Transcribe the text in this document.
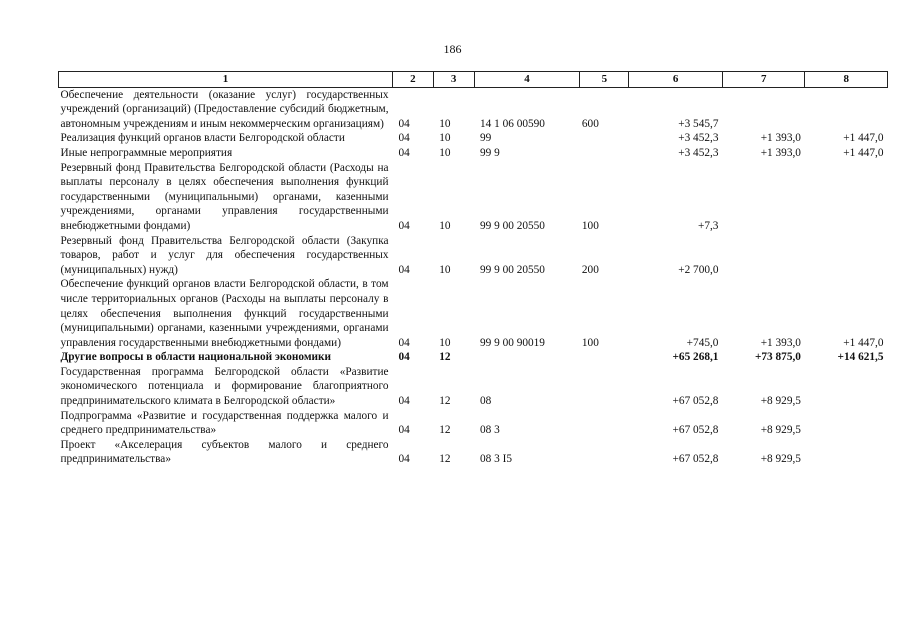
186
1	2	3	4	5	6	7	8
Обеспечение деятельности (оказание услуг) государственных учреждений (организаций) (Предоставление субсидий бюджетным, автономным учреждениям и иным некоммерческим организациям)	04	10	14 1 06 00590	600	+3 545,7		
Реализация функций органов власти Белгородской области	04	10	99		+3 452,3	+1 393,0	+1 447,0
Иные непрограммные мероприятия	04	10	99 9		+3 452,3	+1 393,0	+1 447,0
Резервный фонд Правительства Белгородской области (Расходы на выплаты персоналу в целях обеспечения выполнения функций государственными (муниципальными) органами, казенными учреждениями, органами управления государственными внебюджетными фондами)	04	10	99 9 00 20550	100	+7,3		
Резервный фонд Правительства Белгородской области (Закупка товаров, работ и услуг для обеспечения государственных (муниципальных) нужд)	04	10	99 9 00 20550	200	+2 700,0		
Обеспечение функций органов власти Белгородской области, в том числе территориальных органов (Расходы на выплаты персоналу в целях обеспечения выполнения функций государственными (муниципальными) органами, казенными учреждениями, органами управления государственными внебюджетными фондами)	04	10	99 9 00 90019	100	+745,0	+1 393,0	+1 447,0
Другие вопросы в области национальной экономики	04	12			+65 268,1	+73 875,0	+14 621,5
Государственная программа Белгородской области «Развитие экономического потенциала и формирование благоприятного предпринимательского климата в Белгородской области»	04	12	08		+67 052,8	+8 929,5	
Подпрограмма «Развитие и государственная поддержка малого и среднего предпринимательства»	04	12	08 3		+67 052,8	+8 929,5	
Проект «Акселерация субъектов малого и среднего предпринимательства»	04	12	08 3 I5		+67 052,8	+8 929,5	
